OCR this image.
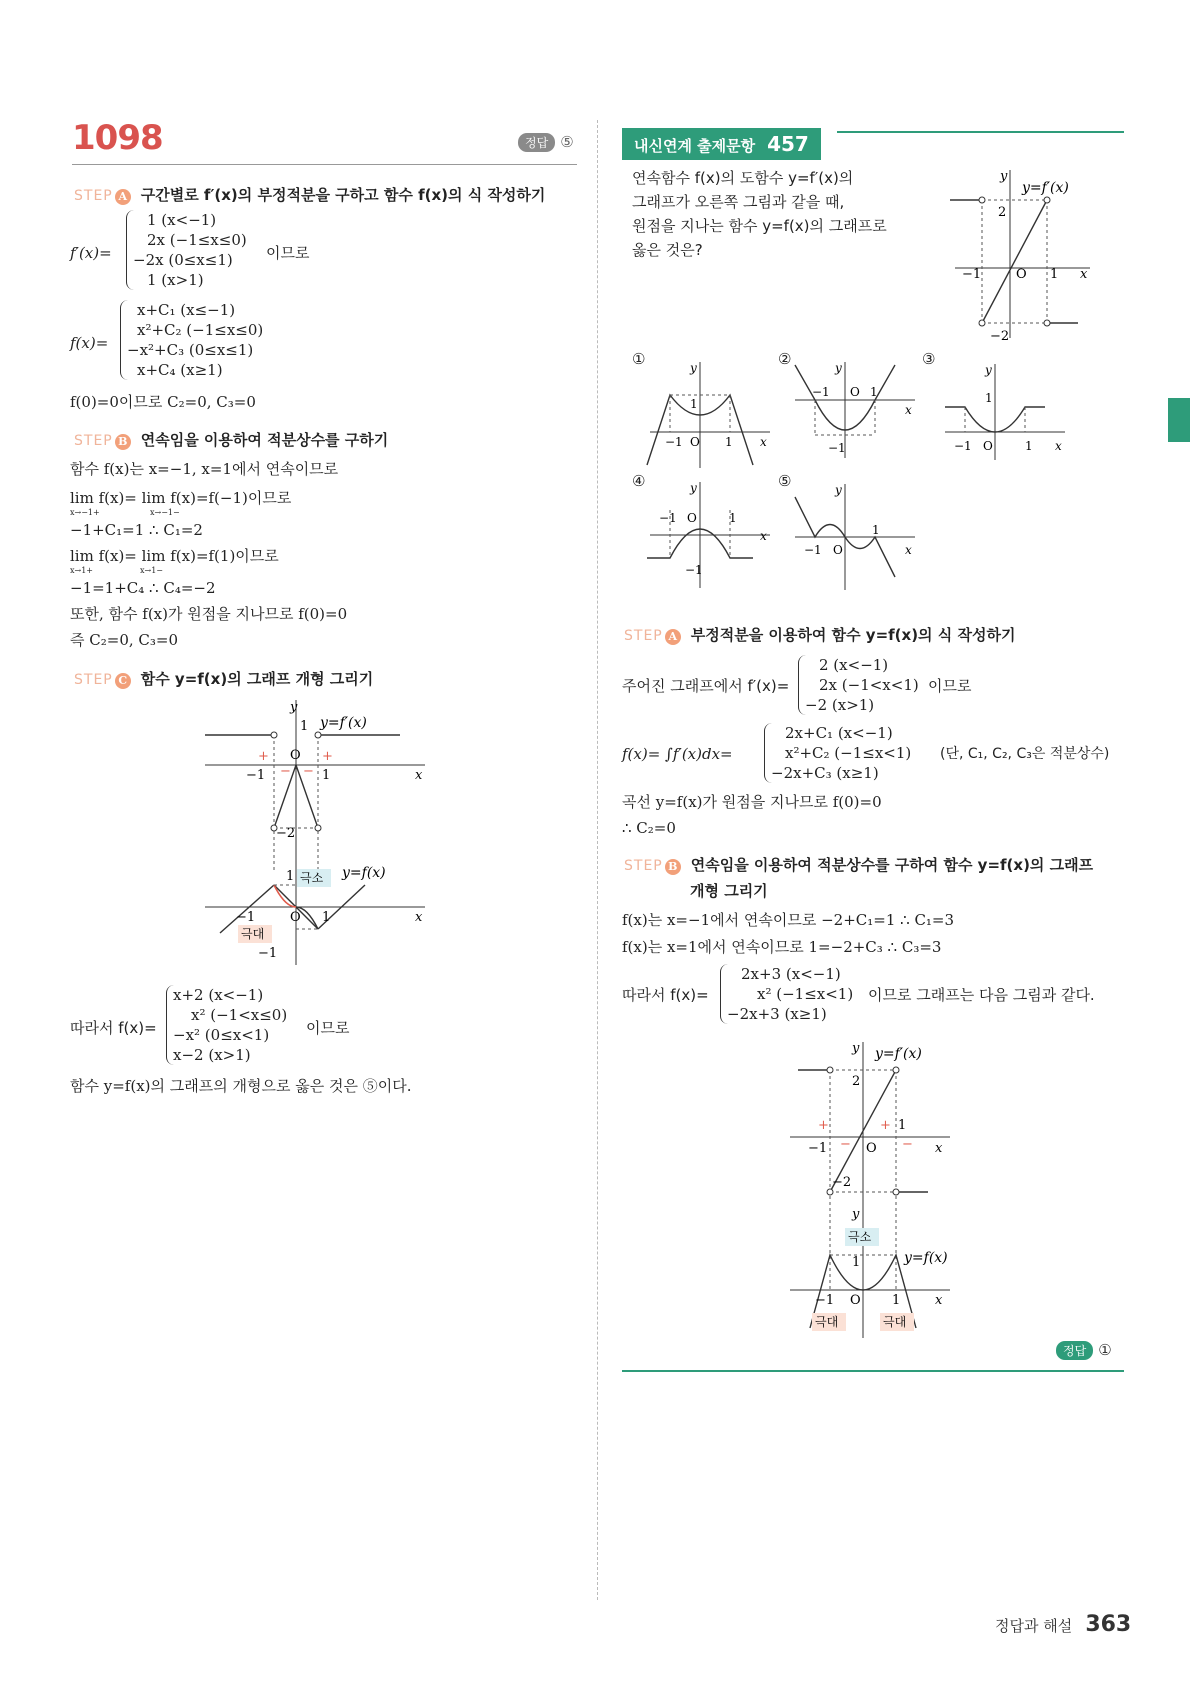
1098	정답 ⑤
STEP A 구간별로 f′(x)의 부정적분을 구하고 함수 f(x)의 식 작성하기
f′(x)=
1 (x<−1)
2x (−1≤x≤0)
−2x (0≤x≤1)
1 (x>1)
이므로
f(x)=
x+C₁ (x≤−1)
x²+C₂ (−1≤x≤0)
−x²+C₃ (0≤x≤1)
x+C₄ (x≥1)
f(0)=0이므로 C₂=0, C₃=0
STEP B 연속임을 이용하여 적분상수를 구하기
함수 f(x)는 x=−1, x=1에서 연속이므로
lim f(x)= lim f(x)=f(−1)이므로
x→−1+	x→−1−
−1+C₁=1 ∴ C₁=2
lim f(x)= lim f(x)=f(1)이므로
x→1+	x→1−
−1=1+C₄ ∴ C₄=−2
또한, 함수 f(x)가 원점을 지나므로 f(0)=0
즉 C₂=0, C₃=0
STEP C 함수 y=f(x)의 그래프 개형 그리기
y
1 y=f′(x)
O
−1	1	x
−2
+	+
− −
1 극소 y=f(x)
−1	O 1	x
극대
−1
따라서 f(x)=
x+2 (x<−1)
x² (−1<x≤0)
−x² (0≤x<1)
x−2 (x>1)
이므로
함수 y=f(x)의 그래프의 개형으로 옳은 것은 ⑤이다.
내신연계 출제문항 457
연속함수 f(x)의 도함수 y=f′(x)의
그래프가 오른쪽 그림과 같을 때,
원점을 지나는 함수 y=f(x)의 그래프로
옳은 것은?
y
y=f′(x)
2
−1	O 1 x
−2
①	y
1
−1 O 1 x
②	y
−1 O 1
x
−1
③
y
1
−1 O	1 x
④	y
−1 O	1
x
−1
⑤	y
1
−1 O	x
STEP A 부정적분을 이용하여 함수 y=f(x)의 식 작성하기
주어진 그래프에서 f′(x)=
2 (x<−1)
2x (−1<x<1)
−2 (x>1)
이므로
f(x)= ∫f′(x)dx=
2x+C₁ (x<−1)
x²+C₂ (−1≤x<1)
−2x+C₃ (x≥1)
(단, C₁, C₂, C₃은 적분상수)
곡선 y=f(x)가 원점을 지나므로 f(0)=0
∴ C₂=0
STEP B 연속임을 이용하여 적분상수를 구하여 함수 y=f(x)의 그래프
개형 그리기
f(x)는 x=−1에서 연속이므로 −2+C₁=1 ∴ C₁=3
f(x)는 x=1에서 연속이므로 1=−2+C₃ ∴ C₃=3
따라서 f(x)=
2x+3 (x<−1)
x² (−1≤x<1)
−2x+3 (x≥1)
이므로 그래프는 다음 그림과 같다.
y y=f′(x)
2
+	+ 1
−1 − O − x
−2
y
극소
1	y=f(x)
−1 O 1	x
극대	극대
정답 ①
정답과 해설 363
